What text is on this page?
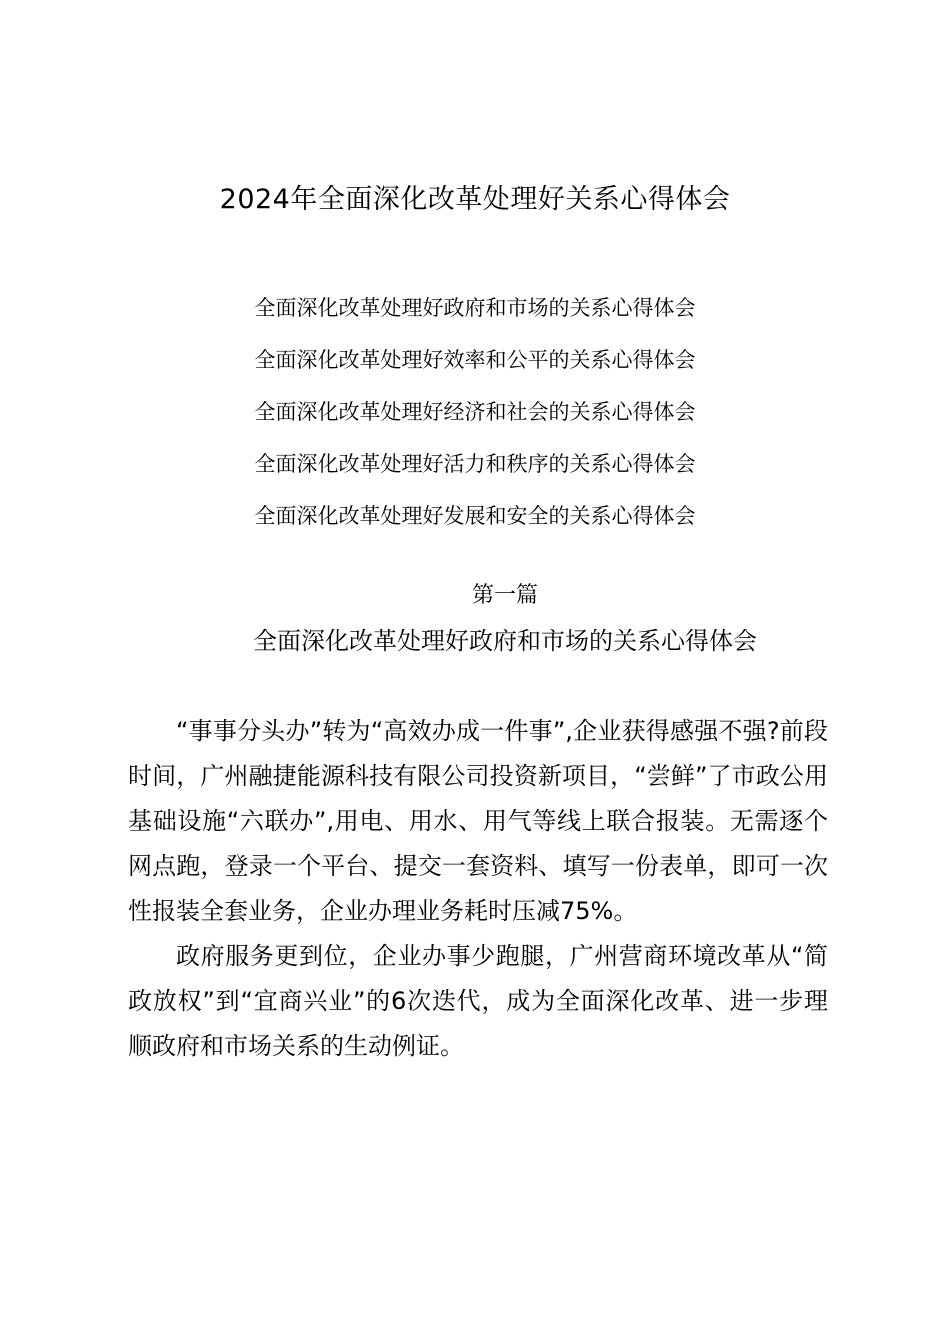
2024年全面深化改革处理好关系心得体会
全面深化改革处理好政府和市场的关系心得体会
全面深化改革处理好效率和公平的关系心得体会
全面深化改革处理好经济和社会的关系心得体会
全面深化改革处理好活力和秩序的关系心得体会
全面深化改革处理好发展和安全的关系心得体会
第一篇
全面深化改革处理好政府和市场的关系心得体会

“事事分头办”转为“高效办成一件事”,企业获得感强不强?前段时间，广州融捷能源科技有限公司投资新项目，“尝鲜”了市政公用基础设施“六联办”,用电、用水、用气等线上联合报装。无需逐个网点跑，登录一个平台、提交一套资料、填写一份表单，即可一次性报装全套业务，企业办理业务耗时压减75%。

政府服务更到位，企业办事少跑腿，广州营商环境改革从“简政放权”到“宜商兴业”的6次迭代，成为全面深化改革、进一步理顺政府和市场关系的生动例证。
